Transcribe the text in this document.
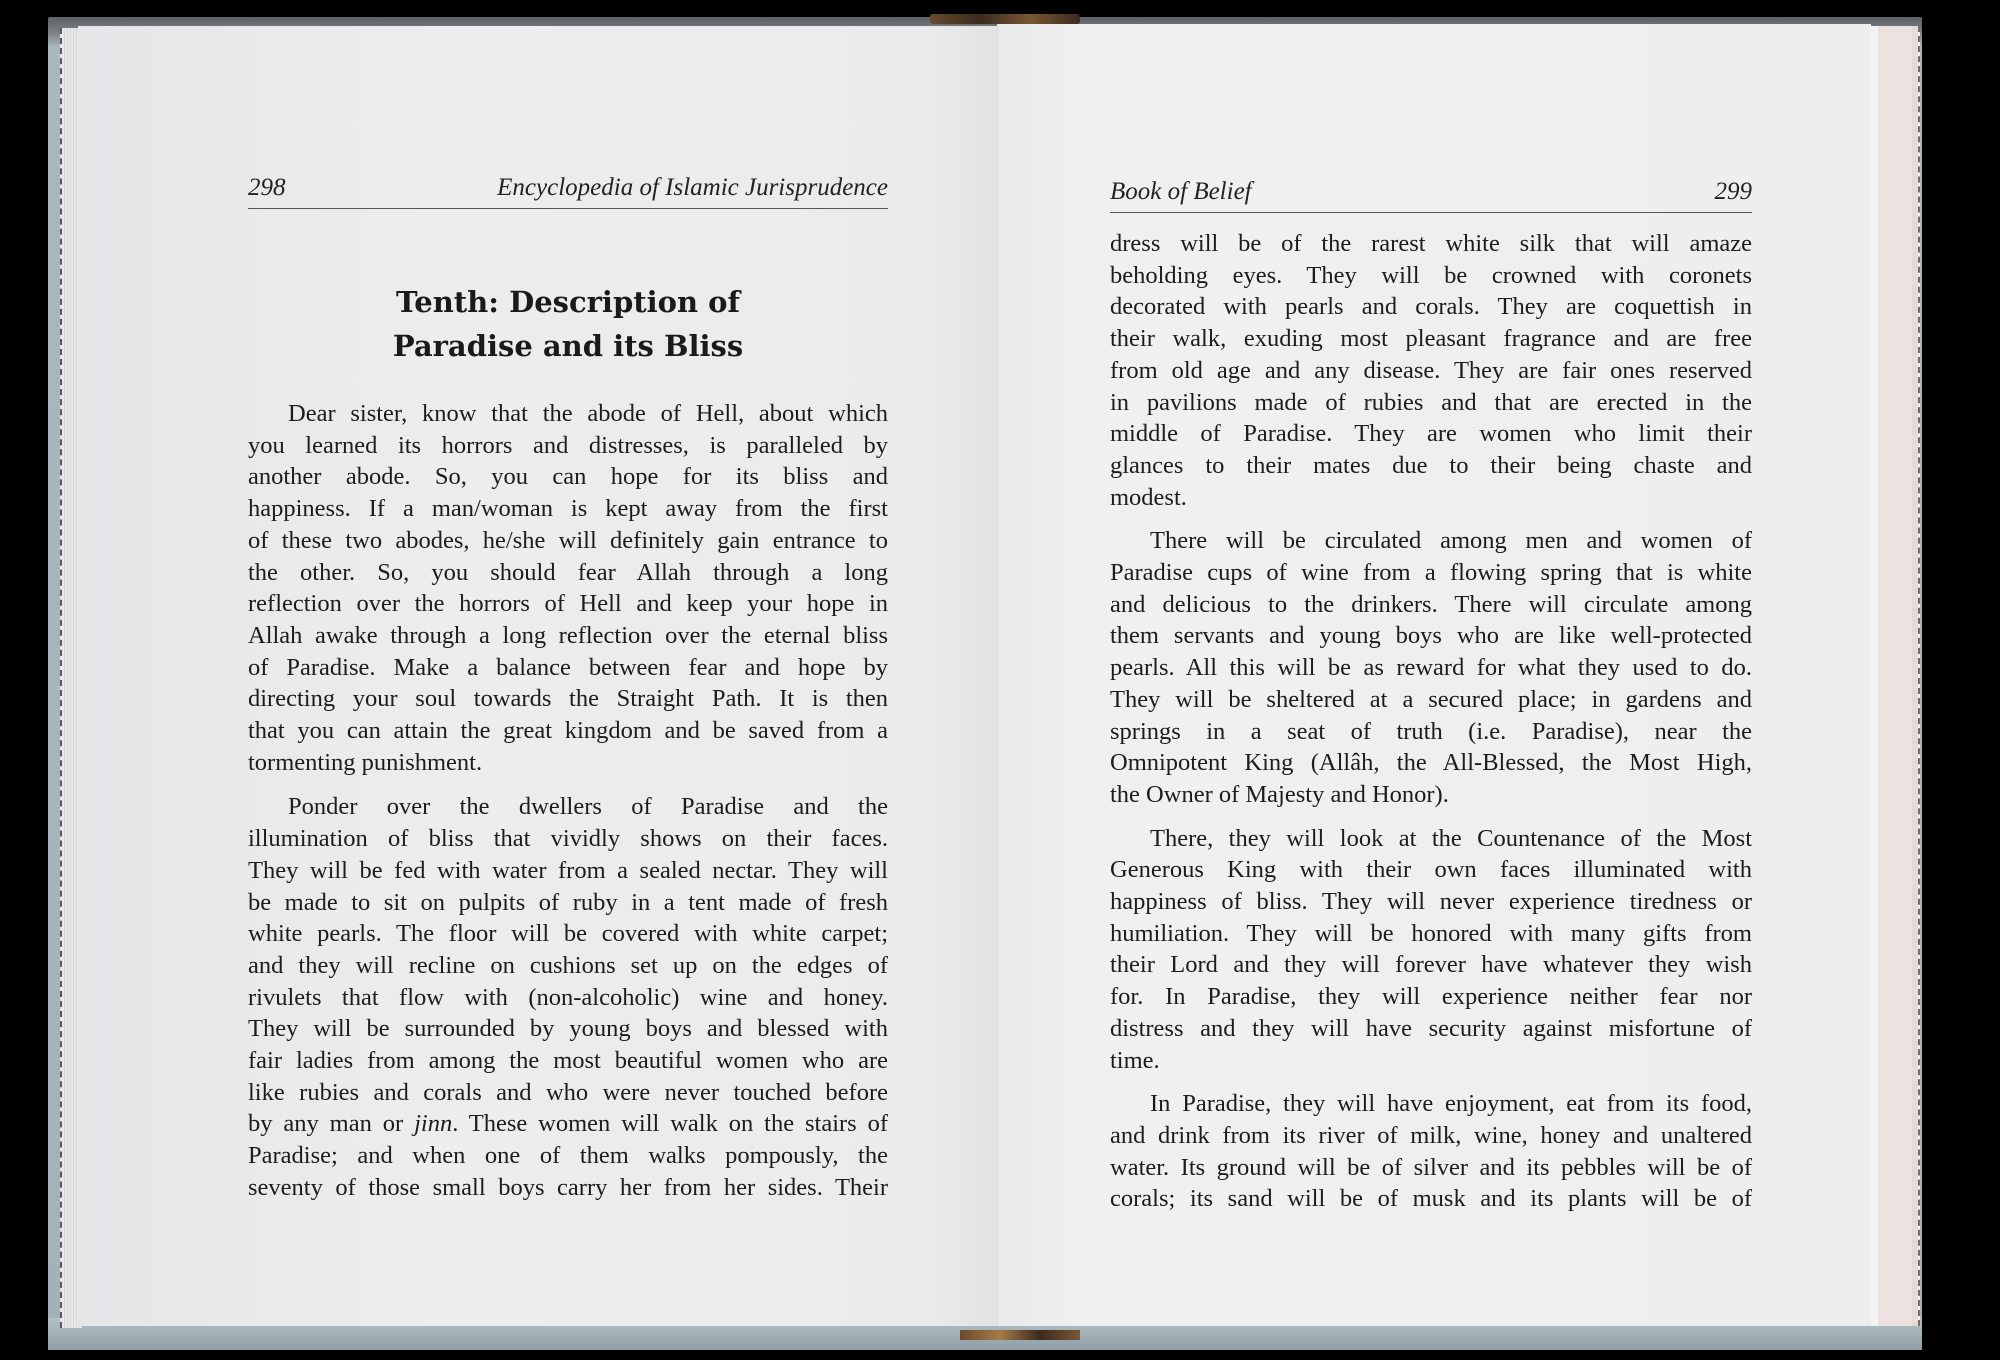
298	Encyclopedia of Islamic Jurisprudence
Tenth: Description of
Paradise and its Bliss

Dear sister, know that the abode of Hell, about which
you learned its horrors and distresses, is paralleled by
another abode. So, you can hope for its bliss and
happiness. If a man/woman is kept away from the first
of these two abodes, he/she will definitely gain entrance to
the other. So, you should fear Allah through a long
reflection over the horrors of Hell and keep your hope in
Allah awake through a long reflection over the eternal bliss
of Paradise. Make a balance between fear and hope by
directing your soul towards the Straight Path. It is then
that you can attain the great kingdom and be saved from a
tormenting punishment.

Ponder over the dwellers of Paradise and the
illumination of bliss that vividly shows on their faces.
They will be fed with water from a sealed nectar. They will
be made to sit on pulpits of ruby in a tent made of fresh
white pearls. The floor will be covered with white carpet;
and they will recline on cushions set up on the edges of
rivulets that flow with (non-alcoholic) wine and honey.
They will be surrounded by young boys and blessed with
fair ladies from among the most beautiful women who are
like rubies and corals and who were never touched before
by any man or jinn. These women will walk on the stairs of
Paradise; and when one of them walks pompously, the
seventy of those small boys carry her from her sides. Their

Book of Belief	299

dress will be of the rarest white silk that will amaze
beholding eyes. They will be crowned with coronets
decorated with pearls and corals. They are coquettish in
their walk, exuding most pleasant fragrance and are free
from old age and any disease. They are fair ones reserved
in pavilions made of rubies and that are erected in the
middle of Paradise. They are women who limit their
glances to their mates due to their being chaste and
modest.

There will be circulated among men and women of
Paradise cups of wine from a flowing spring that is white
and delicious to the drinkers. There will circulate among
them servants and young boys who are like well-protected
pearls. All this will be as reward for what they used to do.
They will be sheltered at a secured place; in gardens and
springs in a seat of truth (i.e. Paradise), near the
Omnipotent King (Allâh, the All-Blessed, the Most High,
the Owner of Majesty and Honor).

There, they will look at the Countenance of the Most
Generous King with their own faces illuminated with
happiness of bliss. They will never experience tiredness or
humiliation. They will be honored with many gifts from
their Lord and they will forever have whatever they wish
for. In Paradise, they will experience neither fear nor
distress and they will have security against misfortune of
time.

In Paradise, they will have enjoyment, eat from its food,
and drink from its river of milk, wine, honey and unaltered
water. Its ground will be of silver and its pebbles will be of
corals; its sand will be of musk and its plants will be of
